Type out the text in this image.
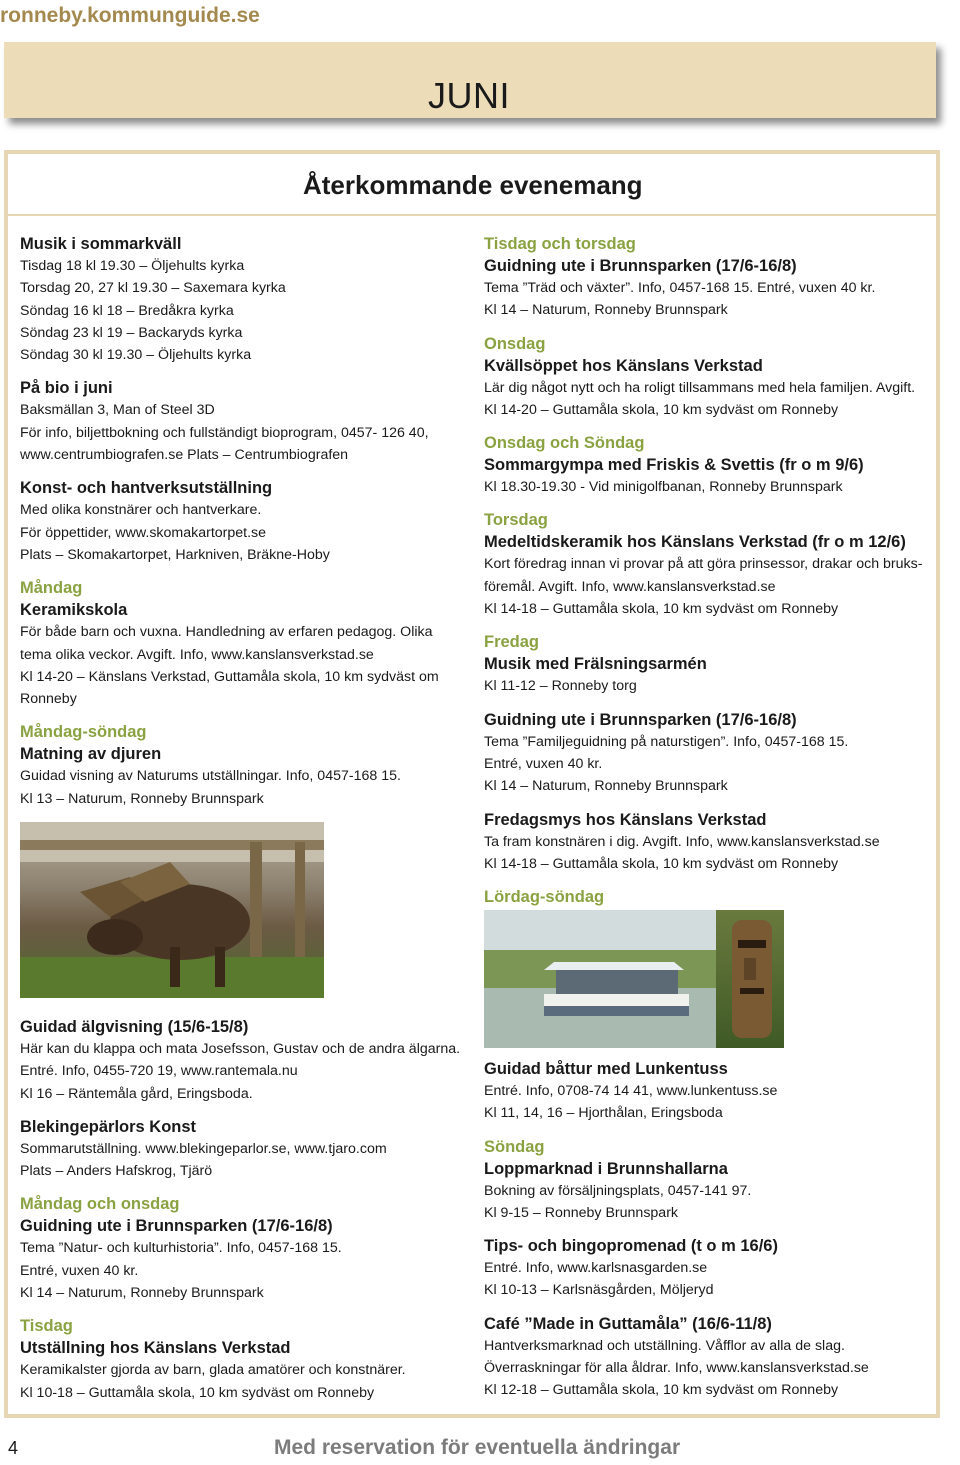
ronneby.kommunguide.se
JUNI
Återkommande evenemang
Musik i sommarkväll
Tisdag 18 kl 19.30 – Öljehults kyrka
Torsdag 20, 27 kl 19.30 – Saxemara kyrka
Söndag 16 kl 18 – Bredåkra kyrka
Söndag 23 kl 19 – Backaryds kyrka
Söndag 30 kl 19.30 – Öljehults kyrka
På bio i juni
Baksmällan 3, Man of Steel 3D
För info, biljettbokning och fullständigt bioprogram, 0457- 126 40,
www.centrumbiografen.se Plats – Centrumbiografen
Konst- och hantverksutställning
Med olika konstnärer och hantverkare.
För öppettider, www.skomakartorpet.se
Plats – Skomakartorpet, Harkniven, Bräkne-Hoby
Måndag
Keramikskola
För både barn och vuxna. Handledning av erfaren pedagog. Olika
tema olika veckor. Avgift. Info, www.kanslansverkstad.se
Kl 14-20 – Känslans Verkstad, Guttamåla skola, 10 km sydväst om
Ronneby
Måndag-söndag
Matning av djuren
Guidad visning av Naturums utställningar. Info, 0457-168 15.
Kl 13 – Naturum, Ronneby Brunnspark
Tisdag och torsdag
Guidning ute i Brunnsparken (17/6-16/8)
Tema ”Träd och växter”. Info, 0457-168 15. Entré, vuxen 40 kr.
Kl 14 – Naturum, Ronneby Brunnspark
Onsdag
Kvällsöppet hos Känslans Verkstad
Lär dig något nytt och ha roligt tillsammans med hela familjen. Avgift.
Kl 14-20 – Guttamåla skola, 10 km sydväst om Ronneby
Onsdag och Söndag
Sommargympa med Friskis & Svettis (fr o m 9/6)
Kl 18.30-19.30 - Vid minigolfbanan, Ronneby Brunnspark
Torsdag
Medeltidskeramik hos Känslans Verkstad (fr o m 12/6)
Kort föredrag innan vi provar på att göra prinsessor, drakar och bruks-
föremål. Avgift. Info, www.kanslansverkstad.se
Kl 14-18 – Guttamåla skola, 10 km sydväst om Ronneby
Fredag
Musik med Frälsningsarmén
Kl 11-12 – Ronneby torg
Guidning ute i Brunnsparken (17/6-16/8)
Tema ”Familjeguidning på naturstigen”. Info, 0457-168 15.
Entré, vuxen 40 kr.
Kl 14 – Naturum, Ronneby Brunnspark
Fredagsmys hos Känslans Verkstad
Ta fram konstnären i dig. Avgift. Info, www.kanslansverkstad.se
Kl 14-18 – Guttamåla skola, 10 km sydväst om Ronneby
Lördag-söndag
Guidad älgvisning (15/6-15/8)
Här kan du klappa och mata Josefsson, Gustav och de andra älgarna.
Entré. Info, 0455-720 19, www.rantemala.nu
Kl 16 – Räntemåla gård, Eringsboda.
Blekingepärlors Konst
Sommarutställning. www.blekingeparlor.se, www.tjaro.com
Plats – Anders Hafskrog, Tjärö
Måndag och onsdag
Guidning ute i Brunnsparken (17/6-16/8)
Tema ”Natur- och kulturhistoria”. Info, 0457-168 15.
Entré, vuxen 40 kr.
Kl 14 – Naturum, Ronneby Brunnspark
Tisdag
Utställning hos Känslans Verkstad
Keramikalster gjorda av barn, glada amatörer och konstnärer.
Kl 10-18 – Guttamåla skola, 10 km sydväst om Ronneby
Guidad båttur med Lunkentuss
Entré. Info, 0708-74 14 41, www.lunkentuss.se
Kl 11, 14, 16 – Hjorthålan, Eringsboda
Söndag
Loppmarknad i Brunnshallarna
Bokning av försäljningsplats, 0457-141 97.
Kl 9-15 – Ronneby Brunnspark
Tips- och bingopromenad (t o m 16/6)
Entré. Info, www.karlsnasgarden.se
Kl 10-13 – Karlsnäsgården, Möljeryd
Café ”Made in Guttamåla” (16/6-11/8)
Hantverksmarknad och utställning. Våfflor av alla de slag.
Överraskningar för alla åldrar. Info, www.kanslansverkstad.se
Kl 12-18 – Guttamåla skola, 10 km sydväst om Ronneby
4	Med reservation för eventuella ändringar
